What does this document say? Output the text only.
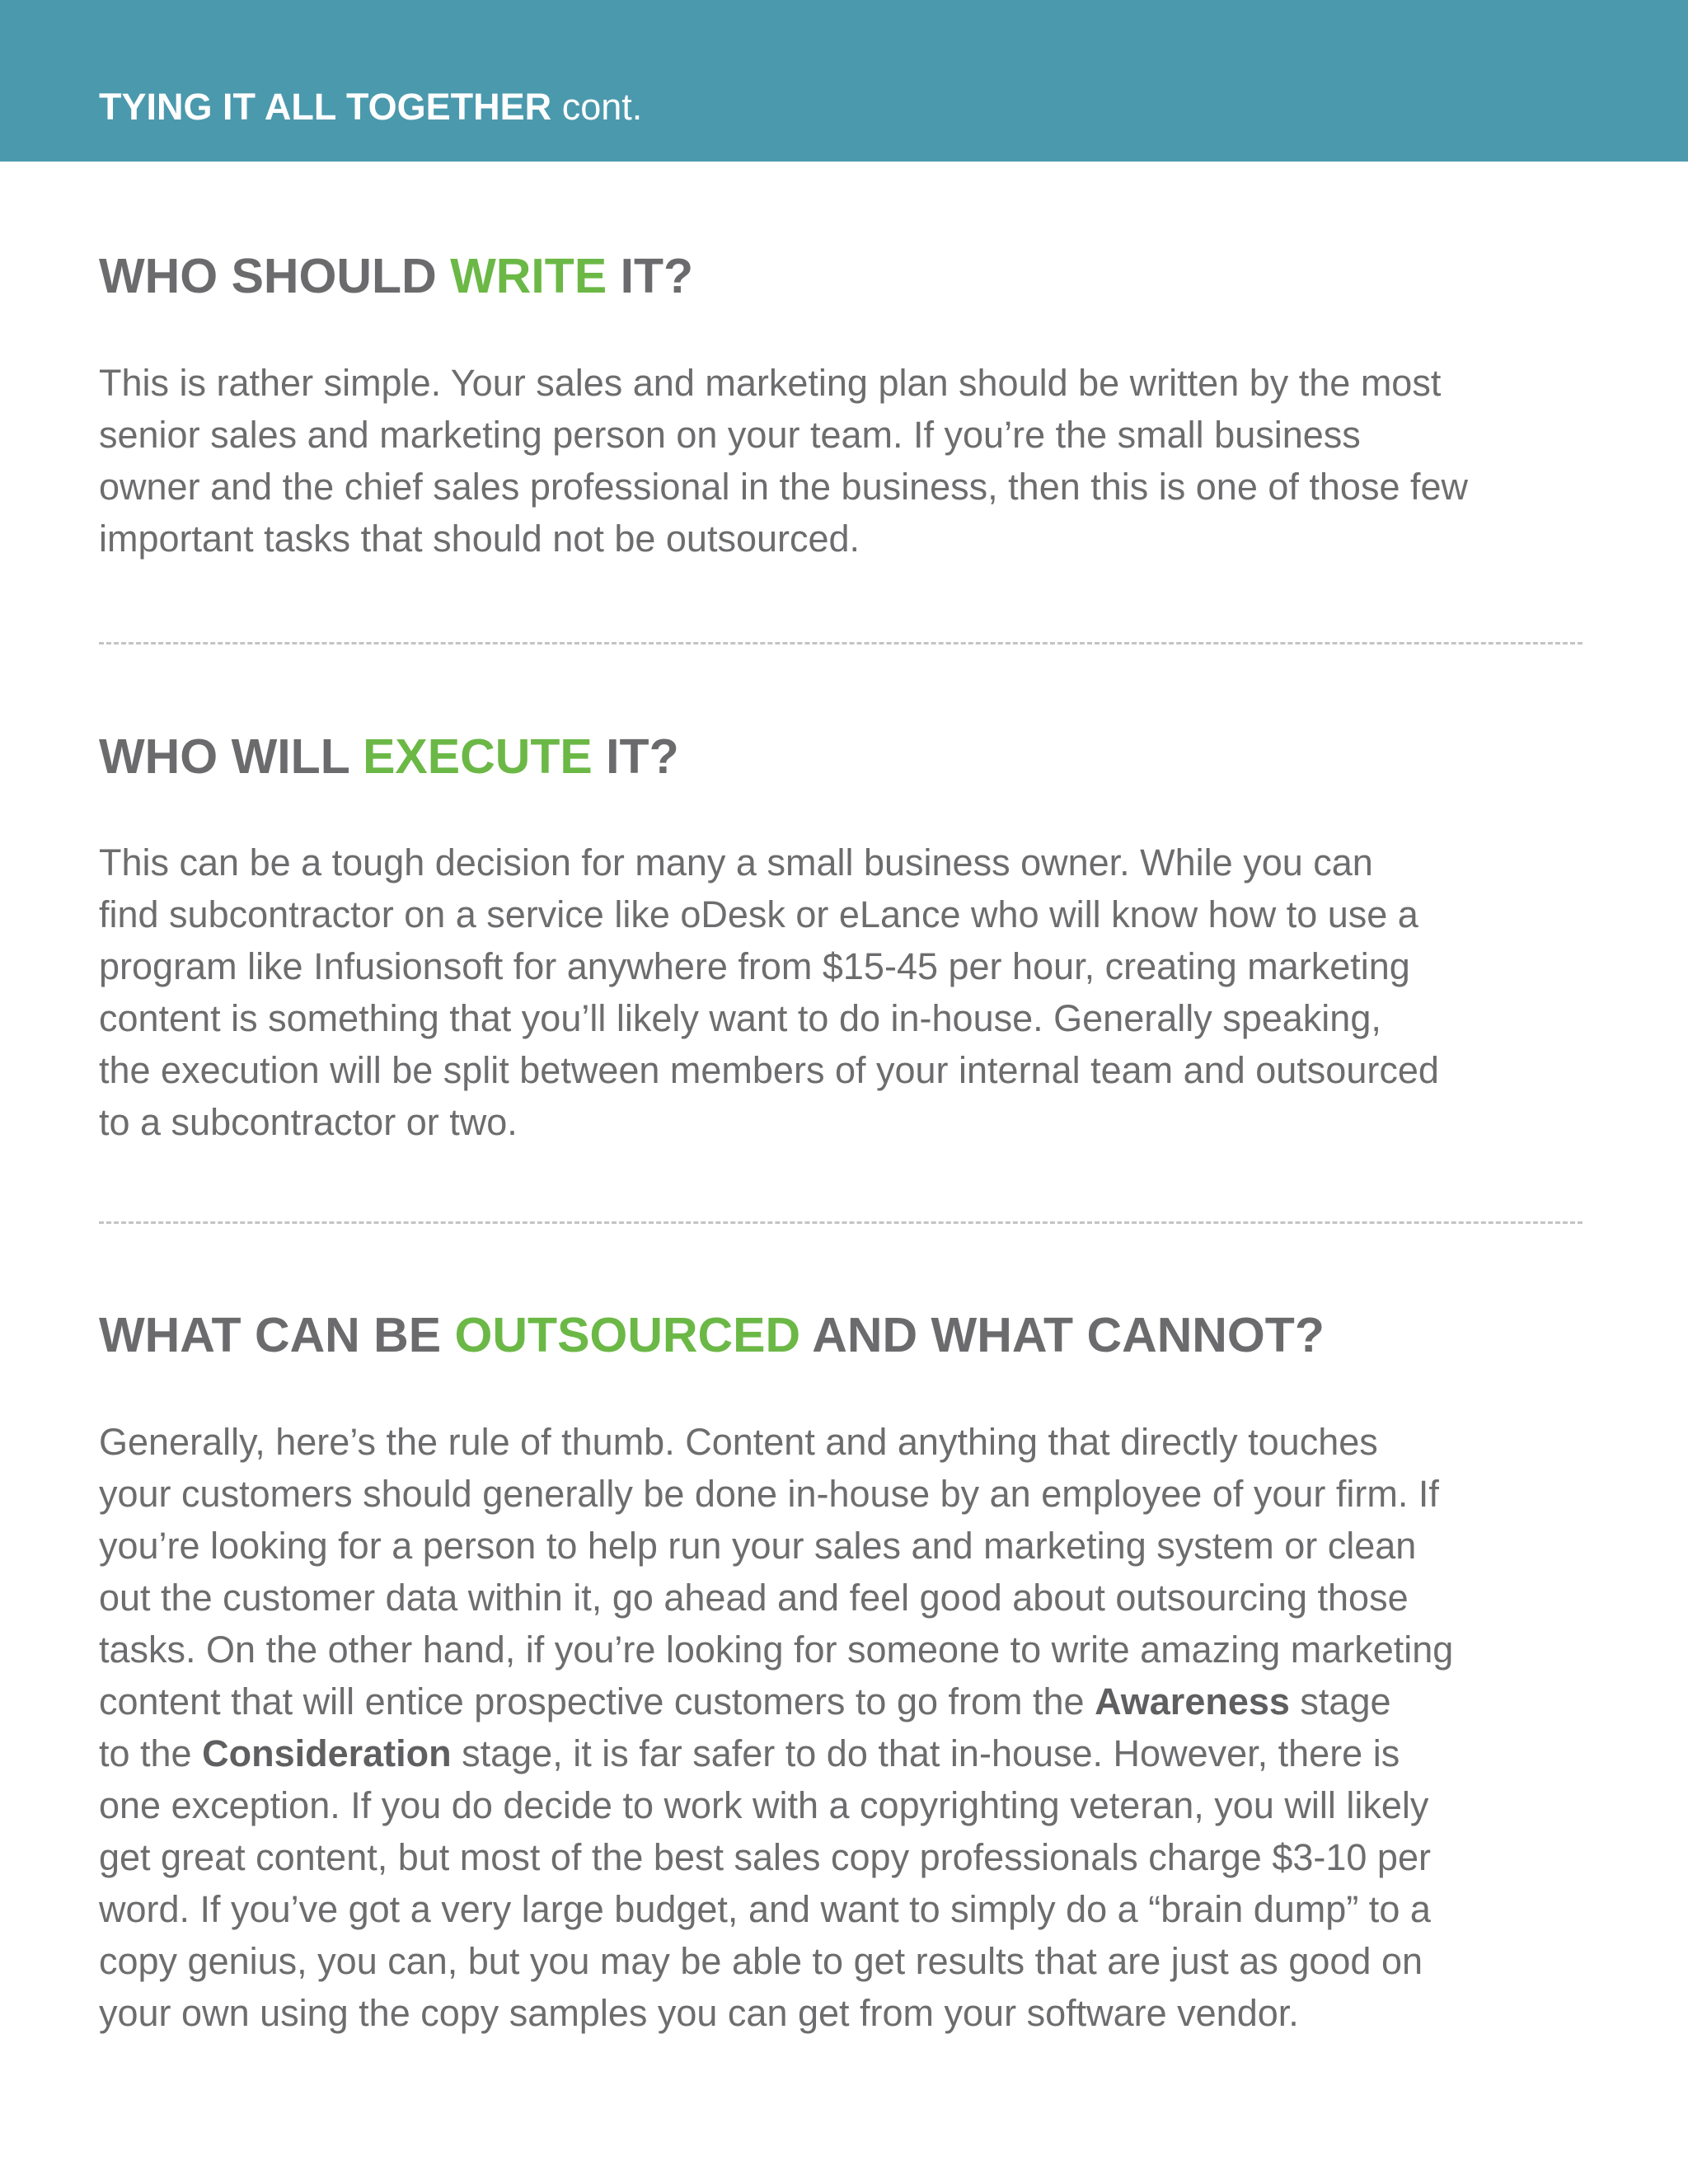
TYING IT ALL TOGETHER cont.
WHO SHOULD WRITE IT?

This is rather simple. Your sales and marketing plan should be written by the most
senior sales and marketing person on your team. If you’re the small business
owner and the chief sales professional in the business, then this is one of those few
important tasks that should not be outsourced.

WHO WILL EXECUTE IT?

This can be a tough decision for many a small business owner. While you can
find subcontractor on a service like oDesk or eLance who will know how to use a
program like Infusionsoft for anywhere from $15-45 per hour, creating marketing
content is something that you’ll likely want to do in-house. Generally speaking,
the execution will be split between members of your internal team and outsourced
to a subcontractor or two.

WHAT CAN BE OUTSOURCED AND WHAT CANNOT?

Generally, here’s the rule of thumb. Content and anything that directly touches
your customers should generally be done in-house by an employee of your firm. If
you’re looking for a person to help run your sales and marketing system or clean
out the customer data within it, go ahead and feel good about outsourcing those
tasks. On the other hand, if you’re looking for someone to write amazing marketing
content that will entice prospective customers to go from the Awareness stage
to the Consideration stage, it is far safer to do that in-house. However, there is
one exception. If you do decide to work with a copyrighting veteran, you will likely
get great content, but most of the best sales copy professionals charge $3-10 per
word. If you’ve got a very large budget, and want to simply do a “brain dump” to a
copy genius, you can, but you may be able to get results that are just as good on
your own using the copy samples you can get from your software vendor.
